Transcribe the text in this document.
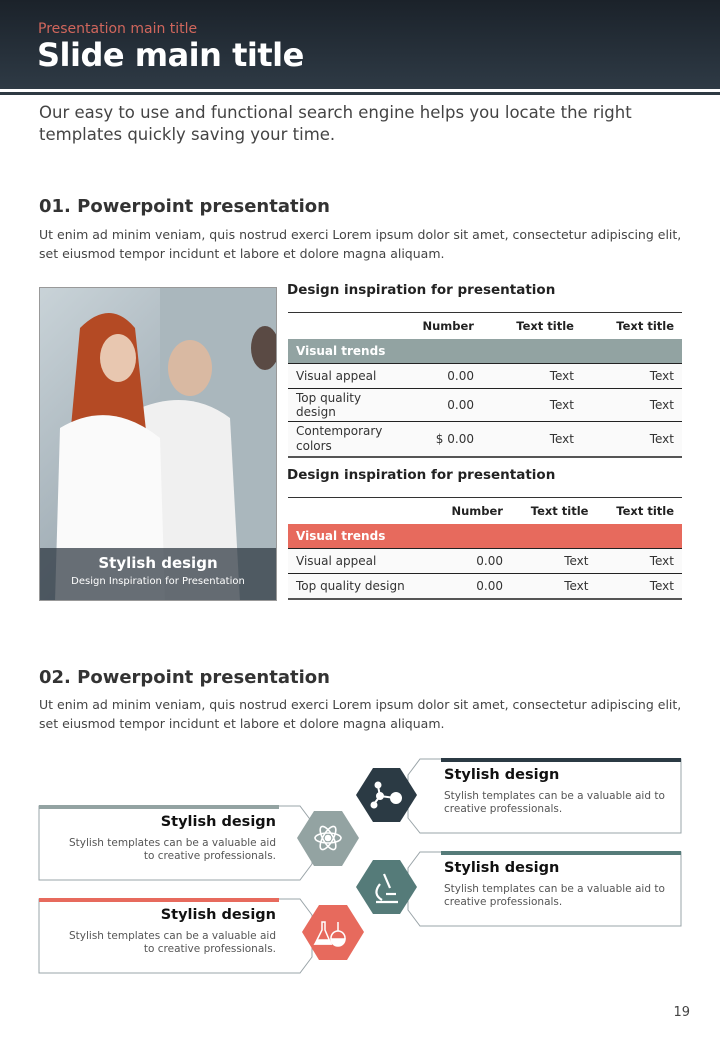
Presentation main title
Slide main title
Our easy to use and functional search engine helps you locate the right templates quickly saving your time.
01. Powerpoint presentation
Ut enim ad minim veniam, quis nostrud exerci Lorem ipsum dolor sit amet, consectetur adipiscing elit, set eiusmod tempor incidunt et labore et dolore magna aliquam.
Stylish design
Design Inspiration for Presentation
Design inspiration for presentation
	Number	Text title	Text title
Visual trends			
Visual appeal	0.00	Text	Text
Top quality design	0.00	Text	Text
Contemporary colors	$ 0.00	Text	Text
Design inspiration for presentation
	Number	Text title	Text title
Visual trends			
Visual appeal	0.00	Text	Text
Top quality design	0.00	Text	Text
02. Powerpoint presentation
Ut enim ad minim veniam, quis nostrud exerci Lorem ipsum dolor sit amet, consectetur adipiscing elit, set eiusmod tempor incidunt et labore et dolore magna aliquam.
Stylish design
Stylish templates can be a valuable aid to creative professionals.
Stylish design
Stylish templates can be a valuable aid to creative professionals.
Stylish design
Stylish templates can be a valuable aid to creative professionals.
Stylish design
Stylish templates can be a valuable aid to creative professionals.
19
